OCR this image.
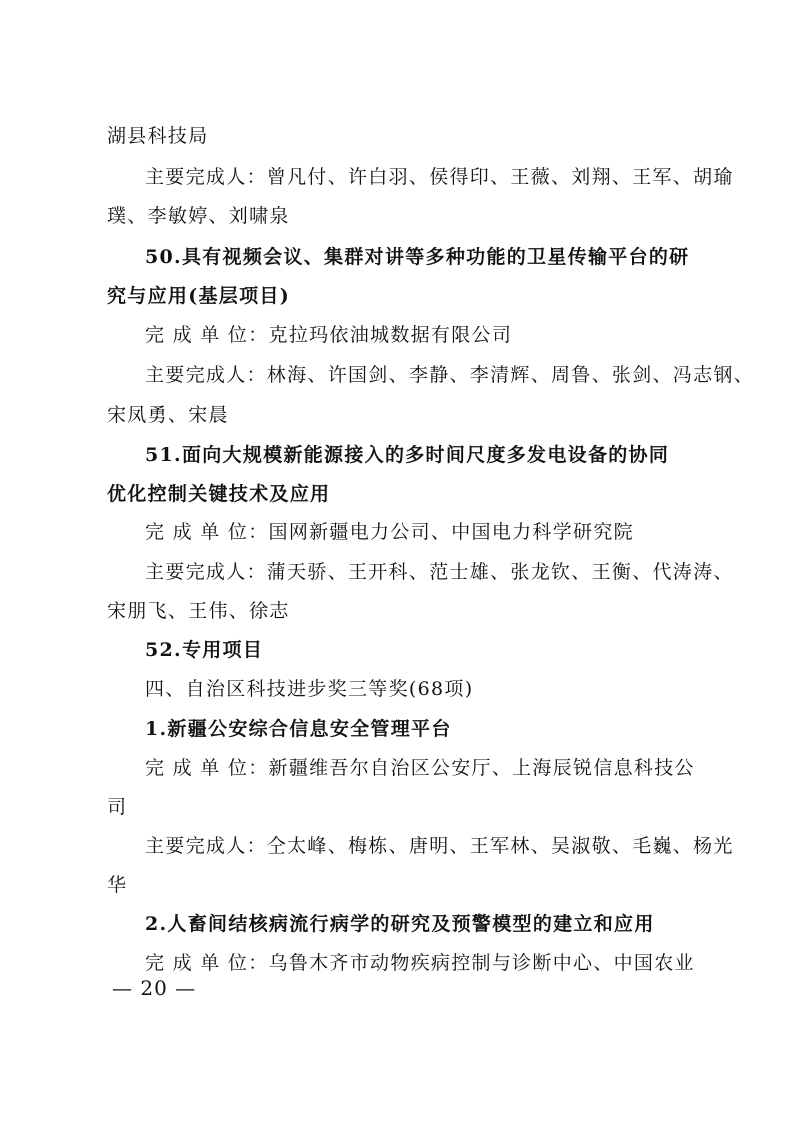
湖县科技局
主要完成人：曾凡付、许白羽、侯得印、王薇、刘翔、王军、胡瑜
璞、李敏婷、刘啸泉
50.具有视频会议、集群对讲等多种功能的卫星传输平台的研
究与应用(基层项目)
完 成 单 位：克拉玛依油城数据有限公司
主要完成人：林海、许国剑、李静、李清辉、周鲁、张剑、冯志钢、
宋凤勇、宋晨
51.面向大规模新能源接入的多时间尺度多发电设备的协同
优化控制关键技术及应用
完 成 单 位：国网新疆电力公司、中国电力科学研究院
主要完成人：蒲天骄、王开科、范士雄、张龙钦、王衡、代涛涛、
宋朋飞、王伟、徐志
52.专用项目
四、自治区科技进步奖三等奖(68项)
1.新疆公安综合信息安全管理平台
完 成 单 位：新疆维吾尔自治区公安厅、上海辰锐信息科技公
司
主要完成人：仝太峰、梅栋、唐明、王军林、吴淑敬、毛巍、杨光
华
2.人畜间结核病流行病学的研究及预警模型的建立和应用
完 成 单 位：乌鲁木齐市动物疾病控制与诊断中心、中国农业
— 20 —
